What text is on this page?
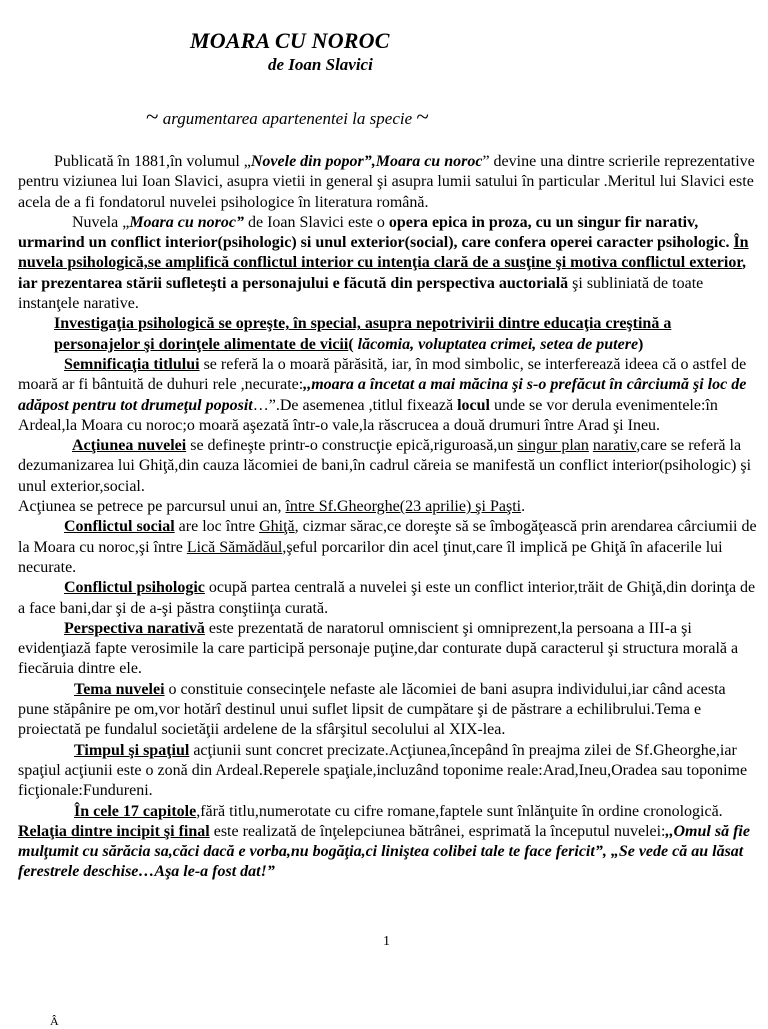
MOARA CU NOROC
de Ioan Slavici
~ argumentarea apartenentei la specie ~

Publicată în 1881,în volumul „Novele din popor”,Moara cu noroc” devine una dintre scrierile reprezentative pentru viziunea lui Ioan Slavici, asupra vietii in general şi asupra lumii satului în particular .Meritul lui Slavici este acela de a fi fondatorul nuvelei psihologice în literatura română.

Nuvela „Moara cu noroc” de Ioan Slavici este o opera epica in proza, cu un singur fir narativ, urmarind un conflict interior(psihologic) si unul exterior(social), care confera operei caracter psihologic. În nuvela psihologică,se amplifică conflictul interior cu intenţia clară de a susţine şi motiva conflictul exterior, iar prezentarea stării sufleteşti a personajului e făcută din perspectiva auctorială şi subliniată de toate instanţele narative.

Investigaţia psihologică se opreşte, în special, asupra nepotrivirii dintre educaţia creştină a personajelor şi dorinţele alimentate de vicii( lăcomia, voluptatea crimei, setea de putere)

Semnificaţia titlului se referă la o moară părăsită, iar, în mod simbolic, se interferează ideea că o astfel de moară ar fi bântuită de duhuri rele ,necurate:,,moara a încetat a mai măcina şi s-o prefăcut în cârciumă şi loc de adăpost pentru tot drumeţul poposit…”.De asemenea ,titlul fixează locul unde se vor derula evenimentele:în Ardeal,la Moara cu noroc;o moară aşezată într-o vale,la răscrucea a două drumuri între Arad şi Ineu.

Acţiunea nuvelei se defineşte printr-o construcţie epică,riguroasă,un singur plan narativ,care se referă la dezumanizarea lui Ghiţă,din cauza lăcomiei de bani,în cadrul căreia se manifestă un conflict interior(psihologic) şi unul exterior,social.

Acţiunea se petrece pe parcursul unui an, între Sf.Gheorghe(23 aprilie) şi Paşti.

Conflictul social are loc între Ghiţă, cizmar sărac,ce doreşte să se îmbogăţească prin arendarea cârciumii de la Moara cu noroc,şi între Lică Sămădăul,şeful porcarilor din acel ţinut,care îl implică pe Ghiţă în afacerile lui necurate.

Conflictul psihologic ocupă partea centrală a nuvelei şi este un conflict interior,trăit de Ghiţă,din dorinţa de a face bani,dar şi de a-şi păstra conştiinţa curată.

Perspectiva narativă este prezentată de naratorul omniscient şi omniprezent,la persoana a III-a şi evidenţiază fapte verosimile la care participă personaje puţine,dar conturate după caracterul şi structura morală a fiecăruia dintre ele.

Tema nuvelei o constituie consecinţele nefaste ale lăcomiei de bani asupra individului,iar când acesta pune stăpânire pe om,vor hotărî destinul unui suflet lipsit de cumpătare şi de păstrare a echilibrului.Tema e proiectată pe fundalul societăţii ardelene de la sfârşitul secolului al XIX-lea.

Timpul şi spaţiul acţiunii sunt concret precizate.Acţiunea,începând în preajma zilei de Sf.Gheorghe,iar spaţiul acţiunii este o zonă din Ardeal.Reperele spaţiale,incluzând toponime reale:Arad,Ineu,Oradea sau toponime ficţionale:Fundureni.

În cele 17 capitole,fără titlu,numerotate cu cifre romane,faptele sunt înlănţuite în ordine cronologică.

Relaţia dintre incipit şi final este realizată de înţelepciunea bătrânei, esprimată la începutul nuvelei:,,Omul să fie mulţumit cu sărăcia sa,căci dacă e vorba,nu bogăţia,ci liniştea colibei tale te face fericit”, „Se vede că au lăsat ferestrele deschise…Aşa le-a fost dat!”

1
Â
